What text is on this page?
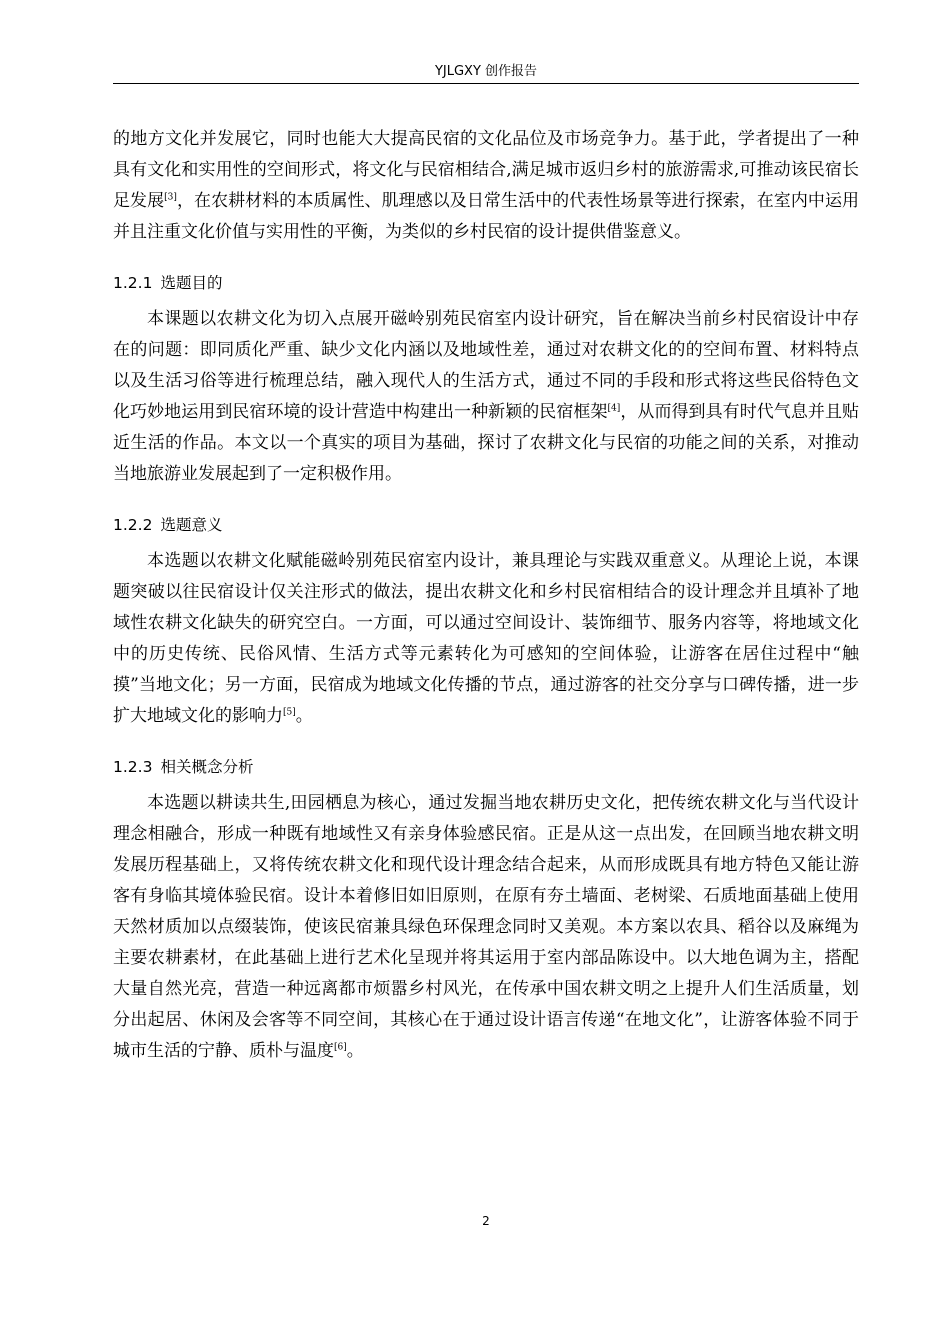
YJLGXY 创作报告

的地方文化并发展它，同时也能大大提高民宿的文化品位及市场竞争力。基于此，学者提出了一种具有文化和实用性的空间形式，将文化与民宿相结合,满足城市返归乡村的旅游需求,可推动该民宿长足发展[3]，在农耕材料的本质属性、肌理感以及日常生活中的代表性场景等进行探索，在室内中运用并且注重文化价值与实用性的平衡，为类似的乡村民宿的设计提供借鉴意义。

1.2.1 选题目的

本课题以农耕文化为切入点展开磁岭别苑民宿室内设计研究，旨在解决当前乡村民宿设计中存在的问题：即同质化严重、缺少文化内涵以及地域性差，通过对农耕文化的的空间布置、材料特点以及生活习俗等进行梳理总结，融入现代人的生活方式，通过不同的手段和形式将这些民俗特色文化巧妙地运用到民宿环境的设计营造中构建出一种新颖的民宿框架[4]，从而得到具有时代气息并且贴近生活的作品。本文以一个真实的项目为基础，探讨了农耕文化与民宿的功能之间的关系，对推动当地旅游业发展起到了一定积极作用。

1.2.2 选题意义

本选题以农耕文化赋能磁岭别苑民宿室内设计，兼具理论与实践双重意义。从理论上说，本课题突破以往民宿设计仅关注形式的做法，提出农耕文化和乡村民宿相结合的设计理念并且填补了地域性农耕文化缺失的研究空白。一方面，可以通过空间设计、装饰细节、服务内容等，将地域文化中的历史传统、民俗风情、生活方式等元素转化为可感知的空间体验，让游客在居住过程中“触摸”当地文化；另一方面，民宿成为地域文化传播的节点，通过游客的社交分享与口碑传播，进一步扩大地域文化的影响力[5]。

1.2.3 相关概念分析

本选题以耕读共生,田园栖息为核心，通过发掘当地农耕历史文化，把传统农耕文化与当代设计理念相融合，形成一种既有地域性又有亲身体验感民宿。正是从这一点出发，在回顾当地农耕文明发展历程基础上，又将传统农耕文化和现代设计理念结合起来，从而形成既具有地方特色又能让游客有身临其境体验民宿。设计本着修旧如旧原则，在原有夯土墙面、老树梁、石质地面基础上使用天然材质加以点缀装饰，使该民宿兼具绿色环保理念同时又美观。本方案以农具、稻谷以及麻绳为主要农耕素材，在此基础上进行艺术化呈现并将其运用于室内部品陈设中。以大地色调为主，搭配大量自然光亮，营造一种远离都市烦嚣乡村风光，在传承中国农耕文明之上提升人们生活质量，划分出起居、休闲及会客等不同空间，其核心在于通过设计语言传递“在地文化”，让游客体验不同于城市生活的宁静、质朴与温度[6]。

2
